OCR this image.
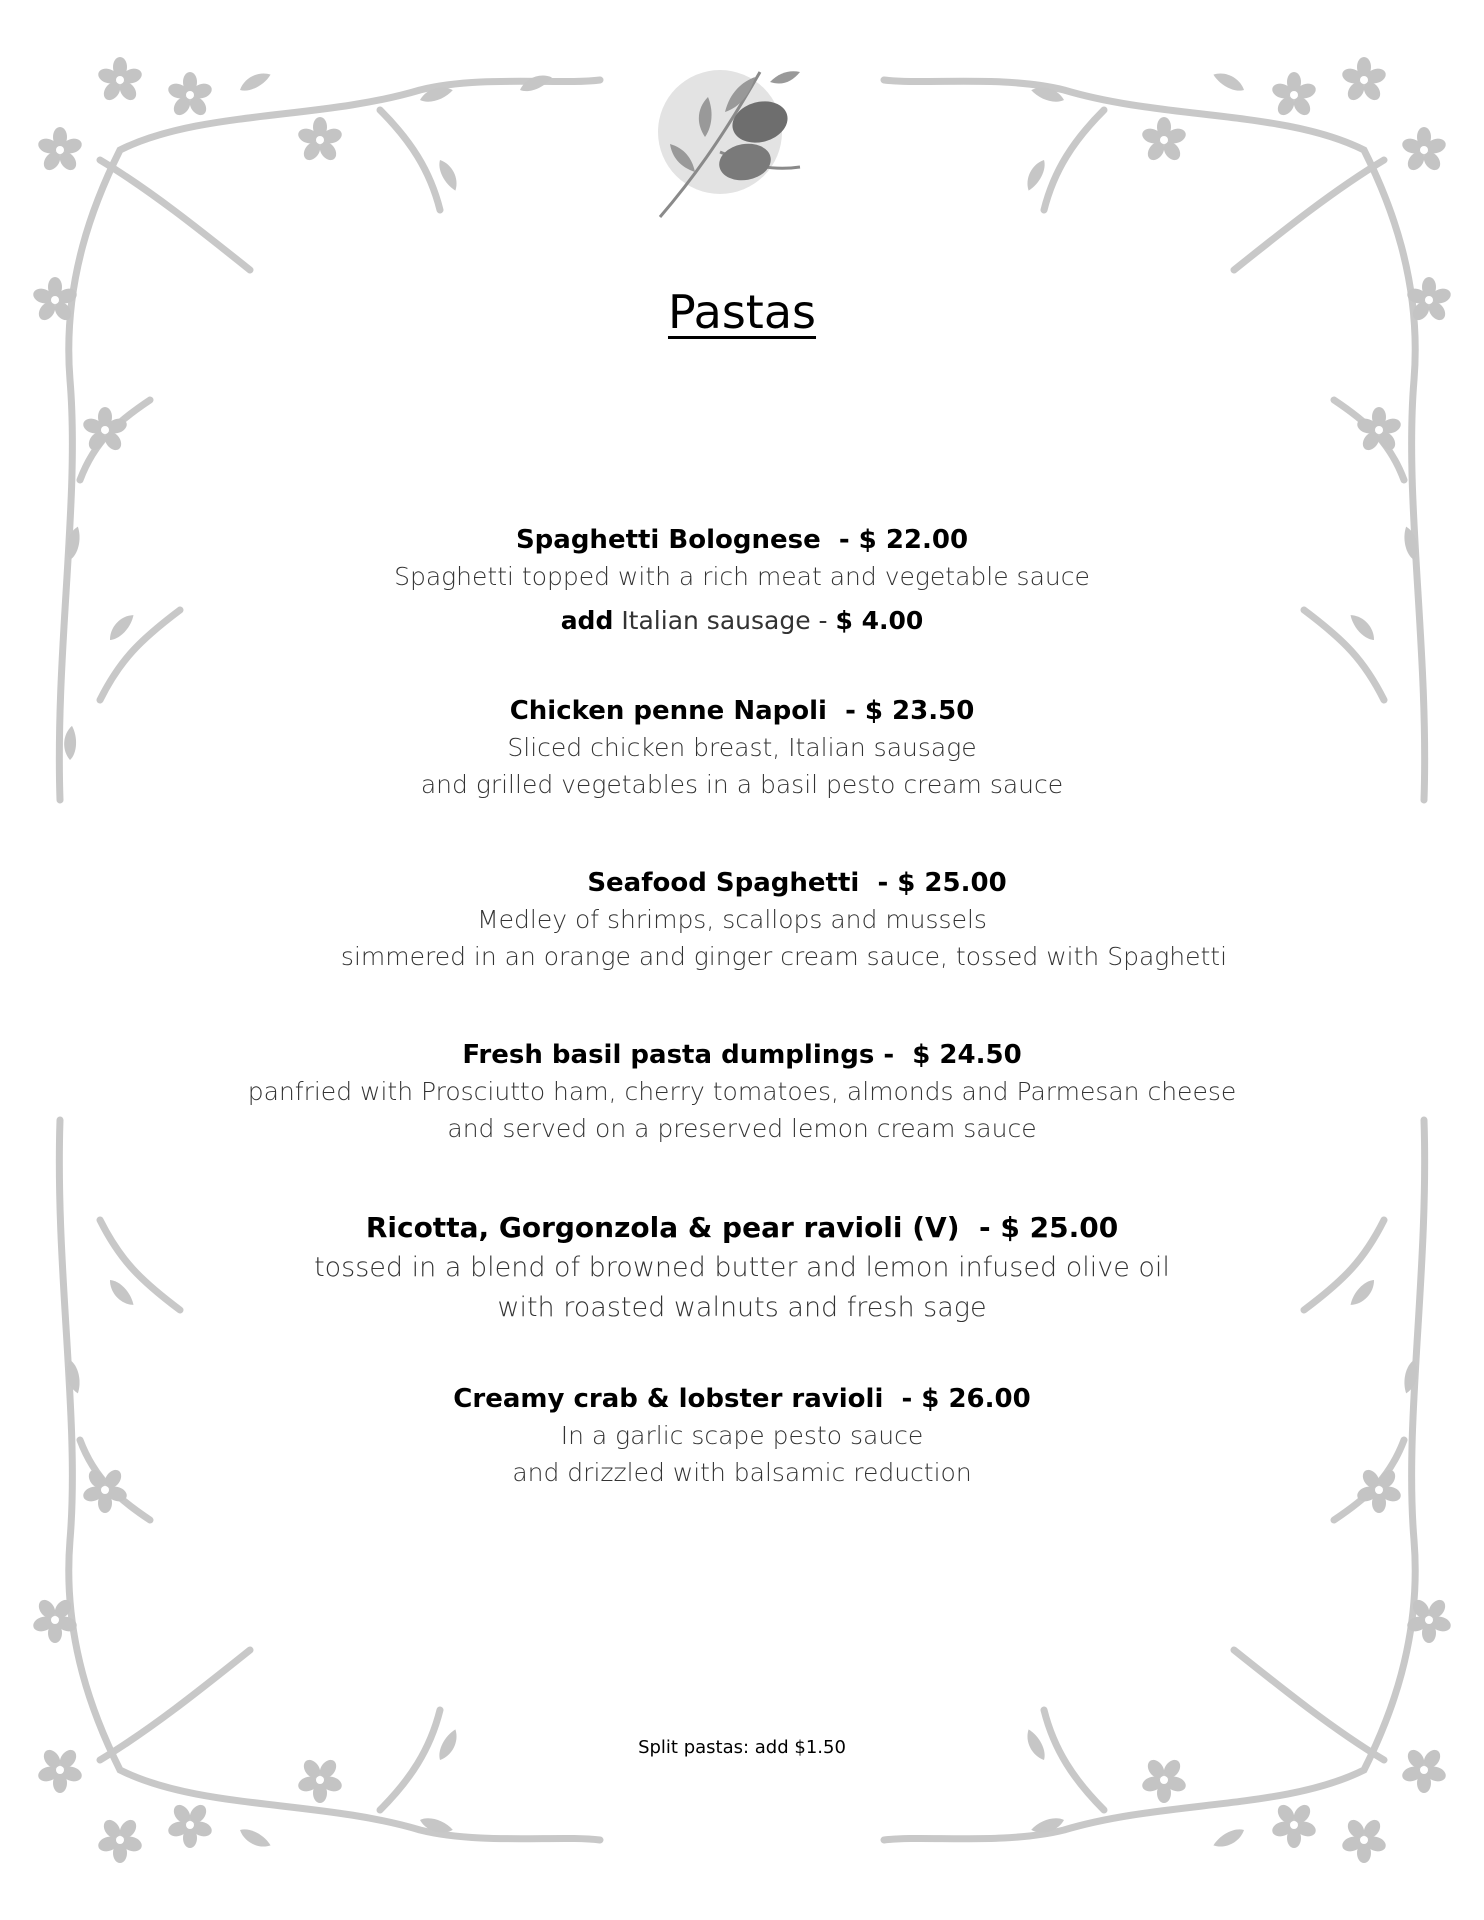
Pastas
Spaghetti Bolognese - $ 22.00
Spaghetti topped with a rich meat and vegetable sauce
add Italian sausage - $ 4.00
Chicken penne Napoli - $ 23.50
Sliced chicken breast, Italian sausage
and grilled vegetables in a basil pesto cream sauce
Seafood Spaghetti - $ 25.00
Medley of shrimps, scallops and mussels
simmered in an orange and ginger cream sauce, tossed with Spaghetti
Fresh basil pasta dumplings - $ 24.50
panfried with Prosciutto ham, cherry tomatoes, almonds and Parmesan cheese
and served on a preserved lemon cream sauce
Ricotta, Gorgonzola & pear ravioli (V) - $ 25.00
tossed in a blend of browned butter and lemon infused olive oil
with roasted walnuts and fresh sage
Creamy crab & lobster ravioli - $ 26.00
In a garlic scape pesto sauce
and drizzled with balsamic reduction
Split pastas: add $1.50
